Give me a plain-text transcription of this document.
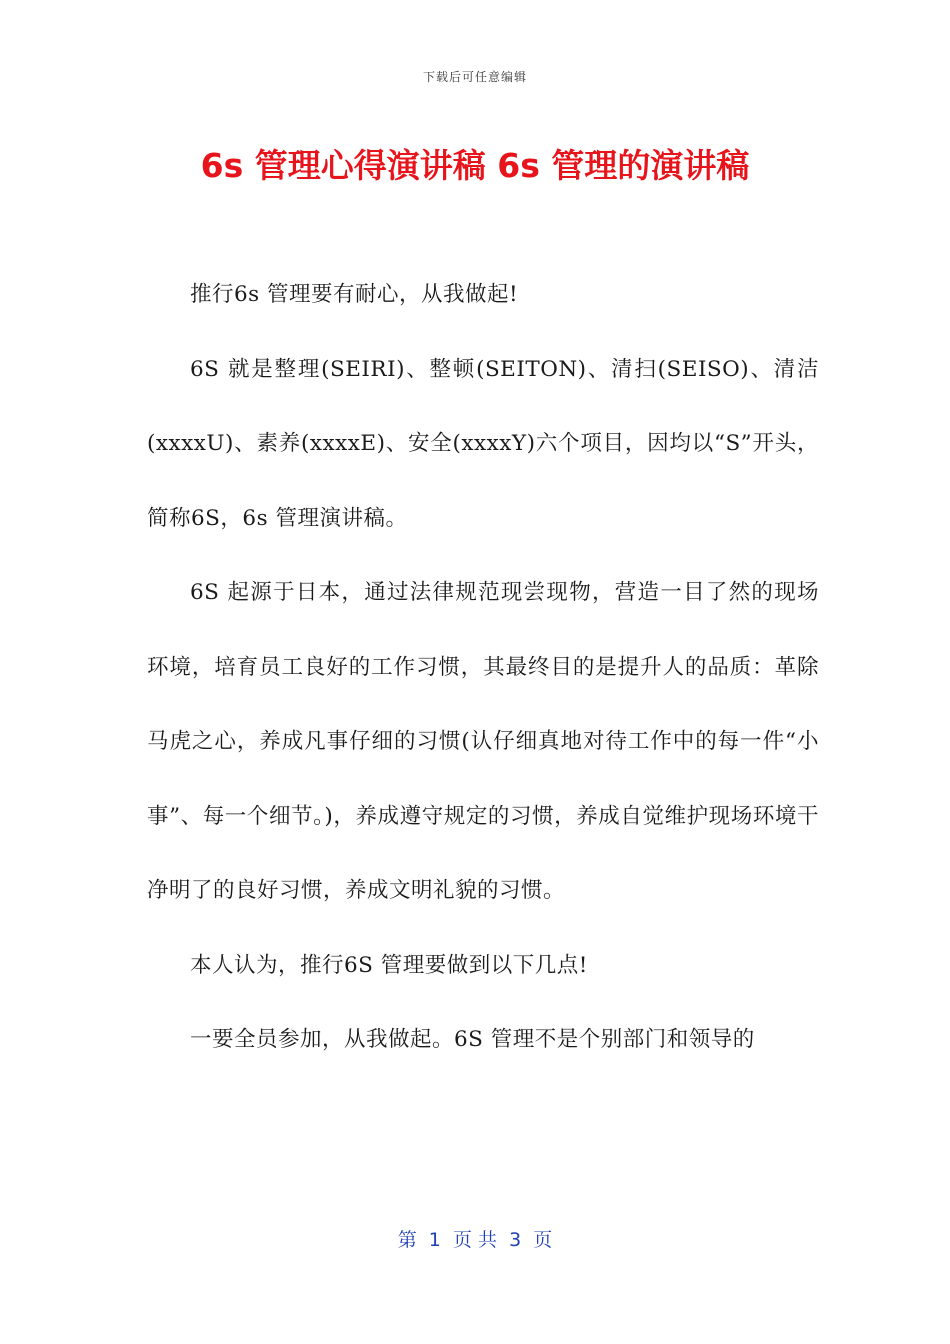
下载后可任意编辑
6s 管理心得演讲稿 6s 管理的演讲稿

推行6s 管理要有耐心，从我做起!

6S 就是整理(SEIRI)、整顿(SEITON)、清扫(SEISO)、清洁(xxxxU)、素养(xxxxE)、安全(xxxxY)六个项目，因均以“S”开头，简称6S，6s 管理演讲稿。

6S 起源于日本，通过法律规范现尝现物，营造一目了然的现场环境，培育员工良好的工作习惯，其最终目的是提升人的品质：革除马虎之心，养成凡事仔细的习惯(认仔细真地对待工作中的每一件“小事”、每一个细节。)，养成遵守规定的习惯，养成自觉维护现场环境干净明了的良好习惯，养成文明礼貌的习惯。

本人认为，推行6S 管理要做到以下几点!

一要全员参加，从我做起。6S 管理不是个别部门和领导的

第  1  页 共  3  页
